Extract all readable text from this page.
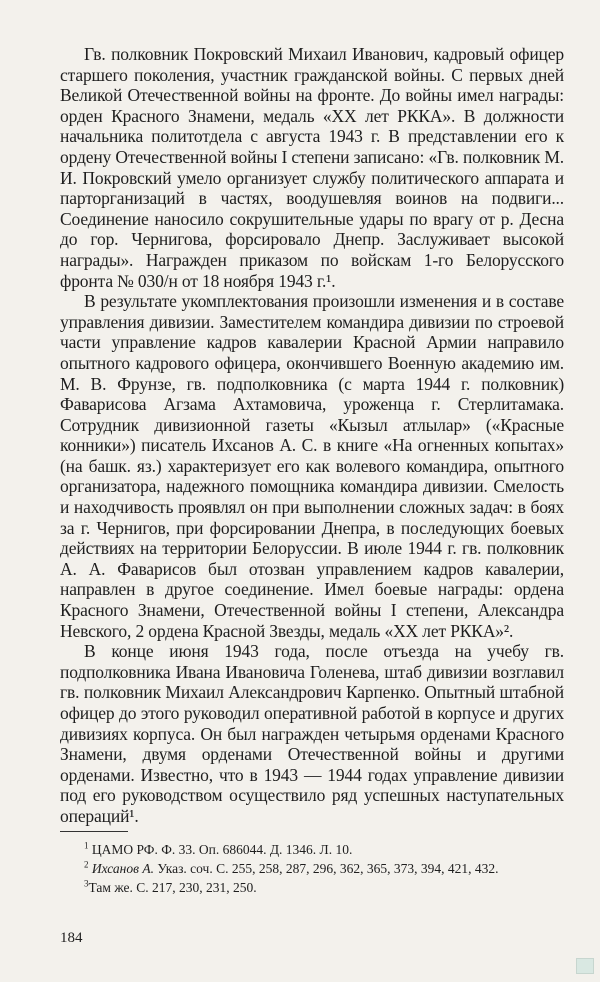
Гв. полковник Покровский Михаил Иванович, кадровый офицер старшего поколения, участник гражданской войны. С первых дней Великой Отечественной войны на фронте. До войны имел награды: орден Красного Знамени, медаль «XX лет РККА». В должности начальника политотдела с августа 1943 г. В представлении его к ордену Отечественной войны I степени записано: «Гв. полковник М. И. Покровский умело организует службу политического аппарата и парторганизаций в частях, воодушевляя воинов на подвиги... Соединение наносило сокрушительные удары по врагу от р. Десна до гор. Чернигова, форсировало Днепр. Заслуживает высокой награды». Награжден приказом по войскам 1-го Белорусского фронта № 030/н от 18 ноября 1943 г.¹.

В результате укомплектования произошли изменения и в составе управления дивизии. Заместителем командира дивизии по строевой части управление кадров кавалерии Красной Армии направило опытного кадрового офицера, окончившего Военную академию им. М. В. Фрунзе, гв. подполковника (с марта 1944 г. полковник) Фаварисова Агзама Ахтамовича, уроженца г. Стерлитамака. Сотрудник дивизионной газеты «Кызыл атлылар» («Красные конники») писатель Ихсанов А. С. в книге «На огненных копытах» (на башк. яз.) характеризует его как волевого командира, опытного организатора, надежного помощника командира дивизии. Смелость и находчивость проявлял он при выполнении сложных задач: в боях за г. Чернигов, при форсировании Днепра, в последующих боевых действиях на территории Белоруссии. В июле 1944 г. гв. полковник А. А. Фаварисов был отозван управлением кадров кавалерии, направлен в другое соединение. Имел боевые награды: ордена Красного Знамени, Отечественной войны I степени, Александра Невского, 2 ордена Красной Звезды, медаль «XX лет РККА»².

В конце июня 1943 года, после отъезда на учебу гв. подполковника Ивана Ивановича Голенева, штаб дивизии возглавил гв. полковник Михаил Александрович Карпенко. Опытный штабной офицер до этого руководил оперативной работой в корпусе и других дивизиях корпуса. Он был награжден четырьмя орденами Красного Знамени, двумя орденами Отечественной войны и другими орденами. Известно, что в 1943 — 1944 годах управление дивизии под его руководством осуществило ряд успешных наступательных операций¹.

$^1$ ЦАМО РФ. Ф. 33. Оп. 686044. Д. 1346. Л. 10.

$^2$ Ихсанов А. Указ. соч. С. 255, 258, 287, 296, 362, 365, 373, 394, 421, 432.

$^3$Там же. С. 217, 230, 231, 250.

184
